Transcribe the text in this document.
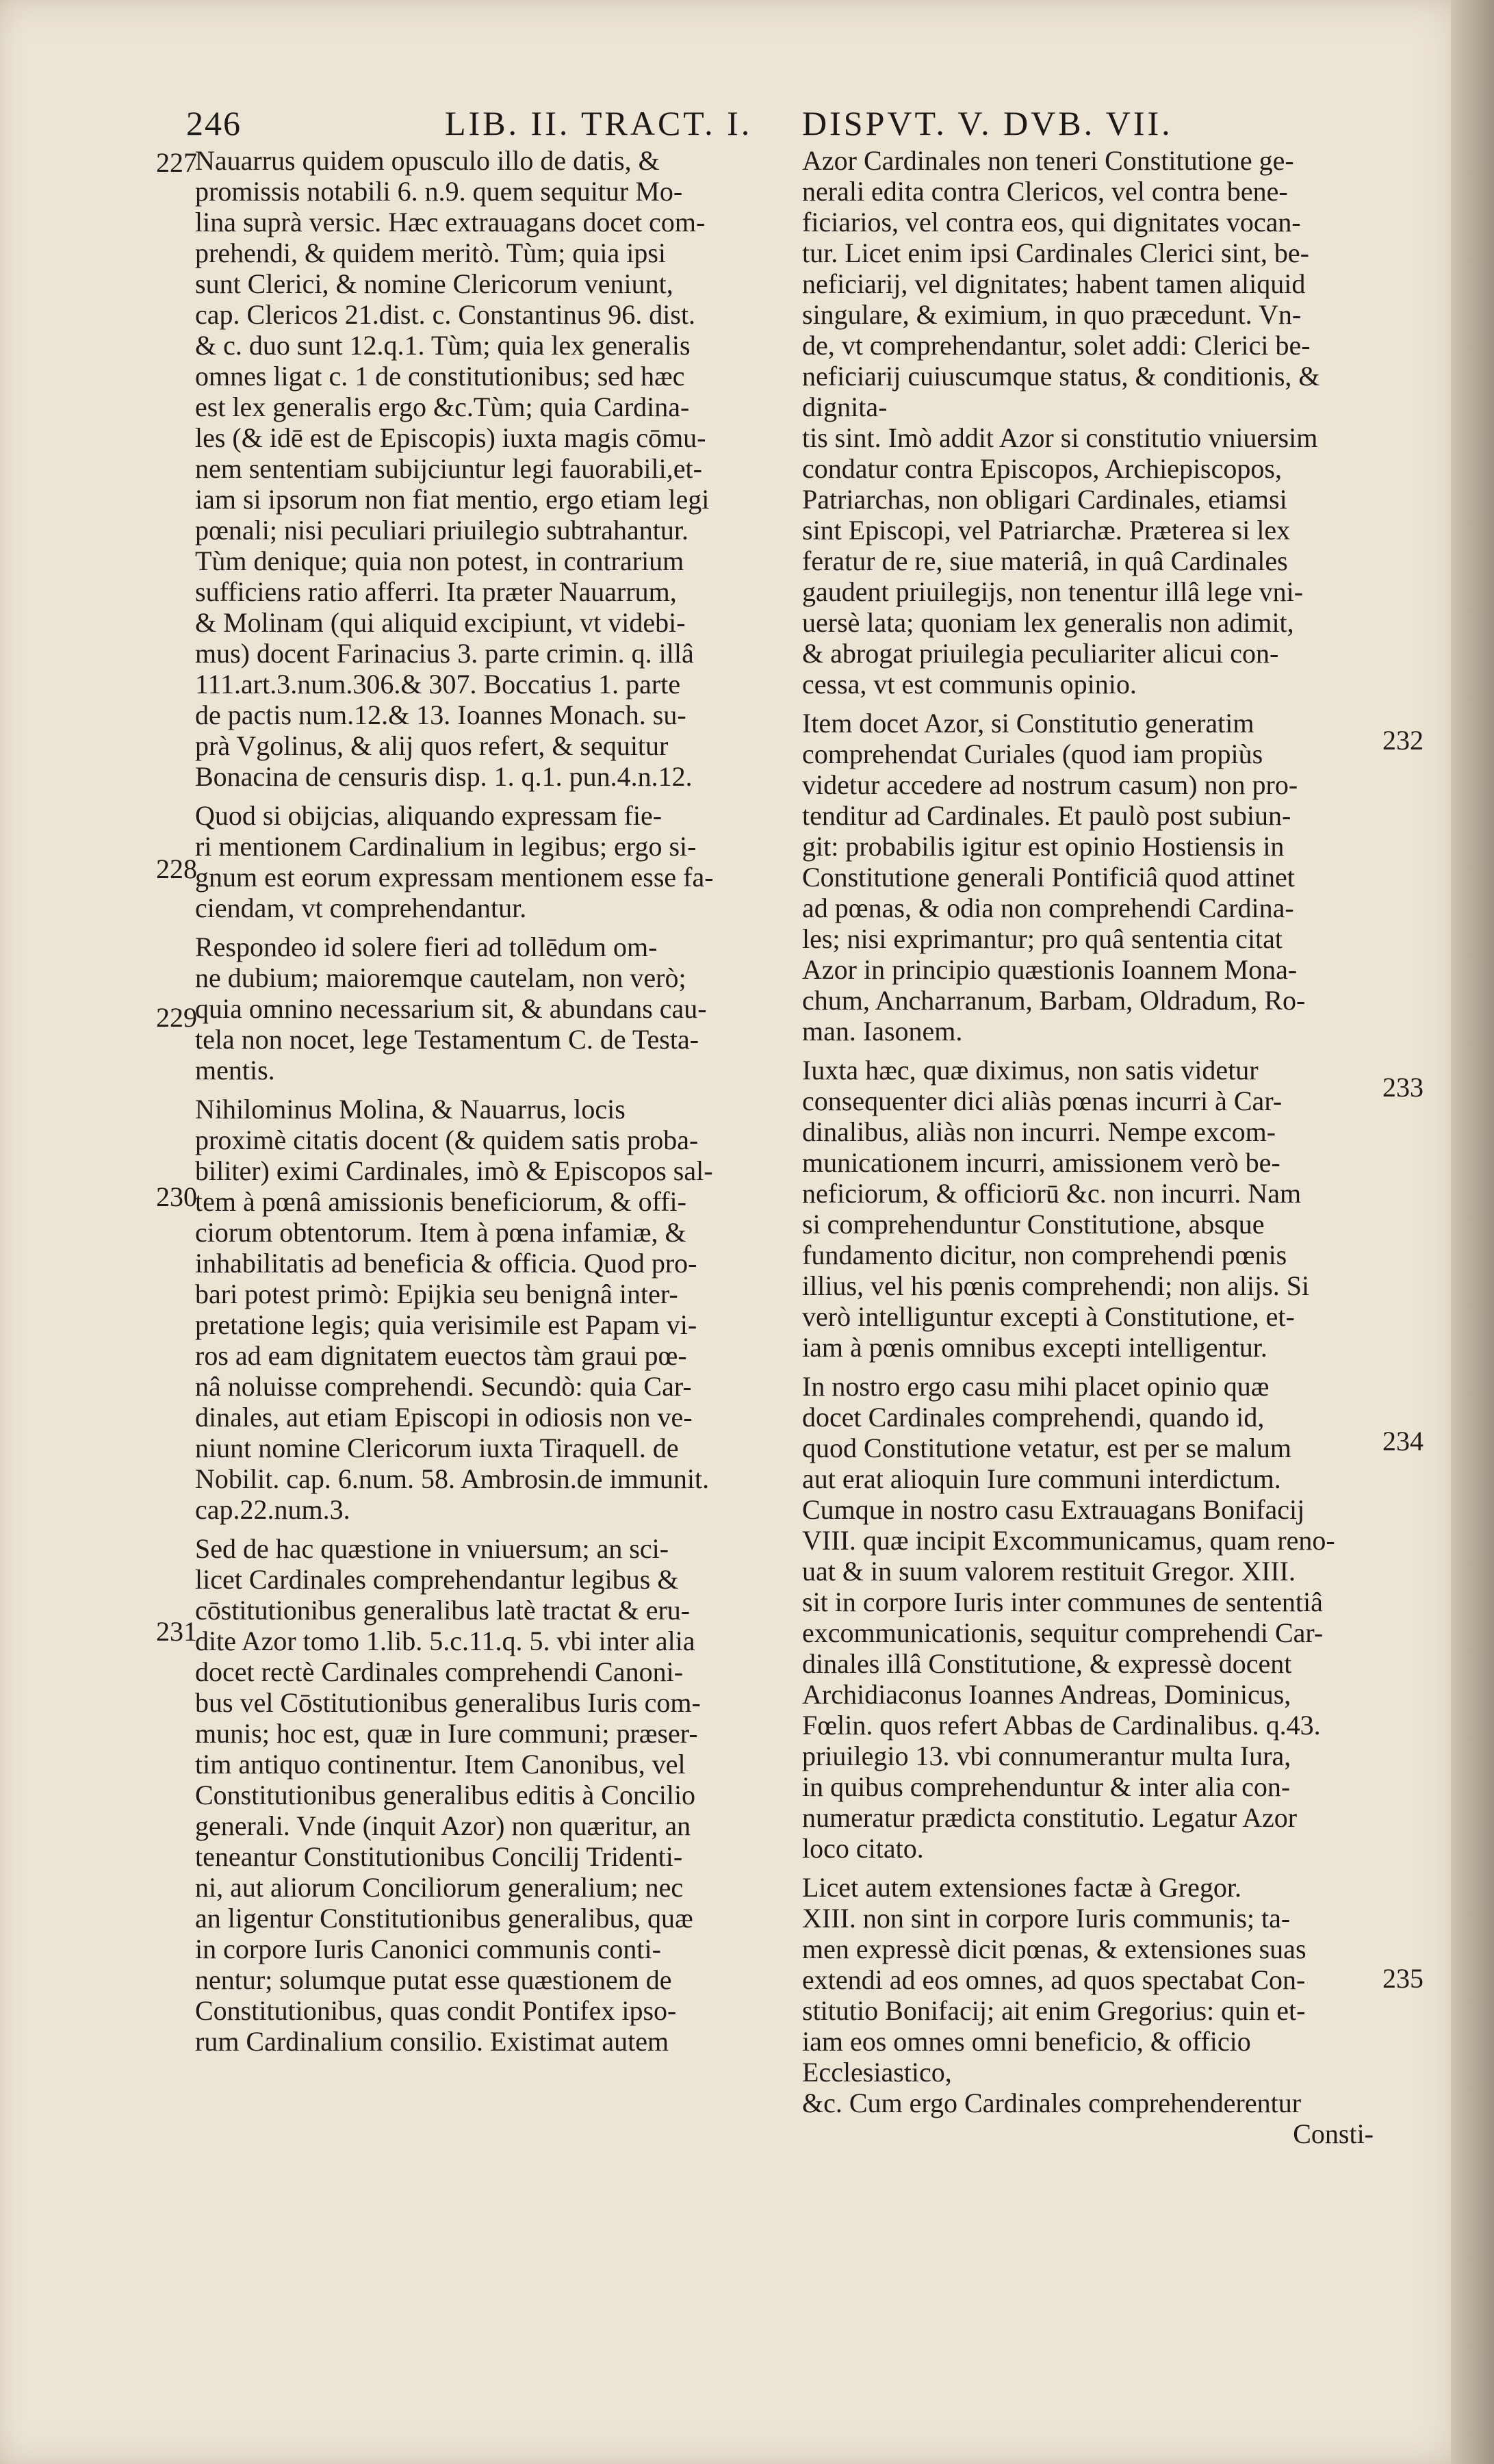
246	LIB. II. TRACT. I. DISPVT. V. DVB. VII.

Nauarrus quidem opusculo illo de datis, &
promissis notabili 6. n.9. quem sequitur Mo-
lina suprà versic. Hæc extrauagans docet com-
prehendi, & quidem meritò. Tùm; quia ipsi
sunt Clerici, & nomine Clericorum veniunt,
cap. Clericos 21.dist. c. Constantinus 96. dist.
& c. duo sunt 12.q.1. Tùm; quia lex generalis
omnes ligat c. 1 de constitutionibus; sed hæc
est lex generalis ergo &c.Tùm; quia Cardina-
les (& idē est de Episcopis) iuxta magis cōmu-
nem sententiam subijciuntur legi fauorabili,et-
iam si ipsorum non fiat mentio, ergo etiam legi
pœnali; nisi peculiari priuilegio subtrahantur.
Tùm denique; quia non potest, in contrarium
sufficiens ratio afferri. Ita præter Nauarrum,
& Molinam (qui aliquid excipiunt, vt videbi-
mus) docent Farinacius 3. parte crimin. q. illâ
111.art.3.num.306.& 307. Boccatius 1. parte
de pactis num.12.& 13. Ioannes Monach. su-
prà Vgolinus, & alij quos refert, & sequitur
Bonacina de censuris disp. 1. q.1. pun.4.n.12.

Quod si obijcias, aliquando expressam fie-
ri mentionem Cardinalium in legibus; ergo si-
gnum est eorum expressam mentionem esse fa-
ciendam, vt comprehendantur.

Respondeo id solere fieri ad tollēdum om-
ne dubium; maioremque cautelam, non verò;
quia omnino necessarium sit, & abundans cau-
tela non nocet, lege Testamentum C. de Testa-
mentis.

Nihilominus Molina, & Nauarrus, locis
proximè citatis docent (& quidem satis proba-
biliter) eximi Cardinales, imò & Episcopos sal-
tem à pœnâ amissionis beneficiorum, & offi-
ciorum obtentorum. Item à pœna infamiæ, &
inhabilitatis ad beneficia & officia. Quod pro-
bari potest primò: Epijkia seu benignâ inter-
pretatione legis; quia verisimile est Papam vi-
ros ad eam dignitatem euectos tàm graui pœ-
nâ noluisse comprehendi. Secundò: quia Car-
dinales, aut etiam Episcopi in odiosis non ve-
niunt nomine Clericorum iuxta Tiraquell. de
Nobilit. cap. 6.num. 58. Ambrosin.de immunit.
cap.22.num.3.

Sed de hac quæstione in vniuersum; an sci-
licet Cardinales comprehendantur legibus &
cōstitutionibus generalibus latè tractat & eru-
dite Azor tomo 1.lib. 5.c.11.q. 5. vbi inter alia
docet rectè Cardinales comprehendi Canoni-
bus vel Cōstitutionibus generalibus Iuris com-
munis; hoc est, quæ in Iure communi; præser-
tim antiquo continentur. Item Canonibus, vel
Constitutionibus generalibus editis à Concilio
generali. Vnde (inquit Azor) non quæritur, an
teneantur Constitutionibus Concilij Tridenti-
ni, aut aliorum Conciliorum generalium; nec
an ligentur Constitutionibus generalibus, quæ
in corpore Iuris Canonici communis conti-
nentur; solumque putat esse quæstionem de
Constitutionibus, quas condit Pontifex ipso-
rum Cardinalium consilio. Existimat autem

Azor Cardinales non teneri Constitutione ge-
nerali edita contra Clericos, vel contra bene-
ficiarios, vel contra eos, qui dignitates vocan-
tur. Licet enim ipsi Cardinales Clerici sint, be-
neficiarij, vel dignitates; habent tamen aliquid
singulare, & eximium, in quo præcedunt. Vn-
de, vt comprehendantur, solet addi: Clerici be-
neficiarij cuiuscumque status, & conditionis, & dignita-
tis sint. Imò addit Azor si constitutio vniuersim
condatur contra Episcopos, Archiepiscopos,
Patriarchas, non obligari Cardinales, etiamsi
sint Episcopi, vel Patriarchæ. Præterea si lex
feratur de re, siue materiâ, in quâ Cardinales
gaudent priuilegijs, non tenentur illâ lege vni-
uersè lata; quoniam lex generalis non adimit,
& abrogat priuilegia peculiariter alicui con-
cessa, vt est communis opinio.

Item docet Azor, si Constitutio generatim
comprehendat Curiales (quod iam propiùs
videtur accedere ad nostrum casum) non pro-
tenditur ad Cardinales. Et paulò post subiun-
git: probabilis igitur est opinio Hostiensis in
Constitutione generali Pontificiâ quod attinet
ad pœnas, & odia non comprehendi Cardina-
les; nisi exprimantur; pro quâ sententia citat
Azor in principio quæstionis Ioannem Mona-
chum, Ancharranum, Barbam, Oldradum, Ro-
man. Iasonem.

Iuxta hæc, quæ diximus, non satis videtur
consequenter dici aliàs pœnas incurri à Car-
dinalibus, aliàs non incurri. Nempe excom-
municationem incurri, amissionem verò be-
neficiorum, & officiorū &c. non incurri. Nam
si comprehenduntur Constitutione, absque
fundamento dicitur, non comprehendi pœnis
illius, vel his pœnis comprehendi; non alijs. Si
verò intelliguntur excepti à Constitutione, et-
iam à pœnis omnibus excepti intelligentur.

In nostro ergo casu mihi placet opinio quæ
docet Cardinales comprehendi, quando id,
quod Constitutione vetatur, est per se malum
aut erat alioquin Iure communi interdictum.
Cumque in nostro casu Extrauagans Bonifacij
VIII. quæ incipit Excommunicamus, quam reno-
uat & in suum valorem restituit Gregor. XIII.
sit in corpore Iuris inter communes de sententiâ
excommunicationis, sequitur comprehendi Car-
dinales illâ Constitutione, & expressè docent
Archidiaconus Ioannes Andreas, Dominicus,
Fœlin. quos refert Abbas de Cardinalibus. q.43.
priuilegio 13. vbi connumerantur multa Iura,
in quibus comprehenduntur & inter alia con-
numeratur prædicta constitutio. Legatur Azor
loco citato.

Licet autem extensiones factæ à Gregor.
XIII. non sint in corpore Iuris communis; ta-
men expressè dicit pœnas, & extensiones suas
extendi ad eos omnes, ad quos spectabat Con-
stitutio Bonifacij; ait enim Gregorius: quin et-
iam eos omnes omni beneficio, & officio Ecclesiastico,
&c. Cum ergo Cardinales comprehenderentur

Consti-

227
228
229
230
231
232
233
234
235
